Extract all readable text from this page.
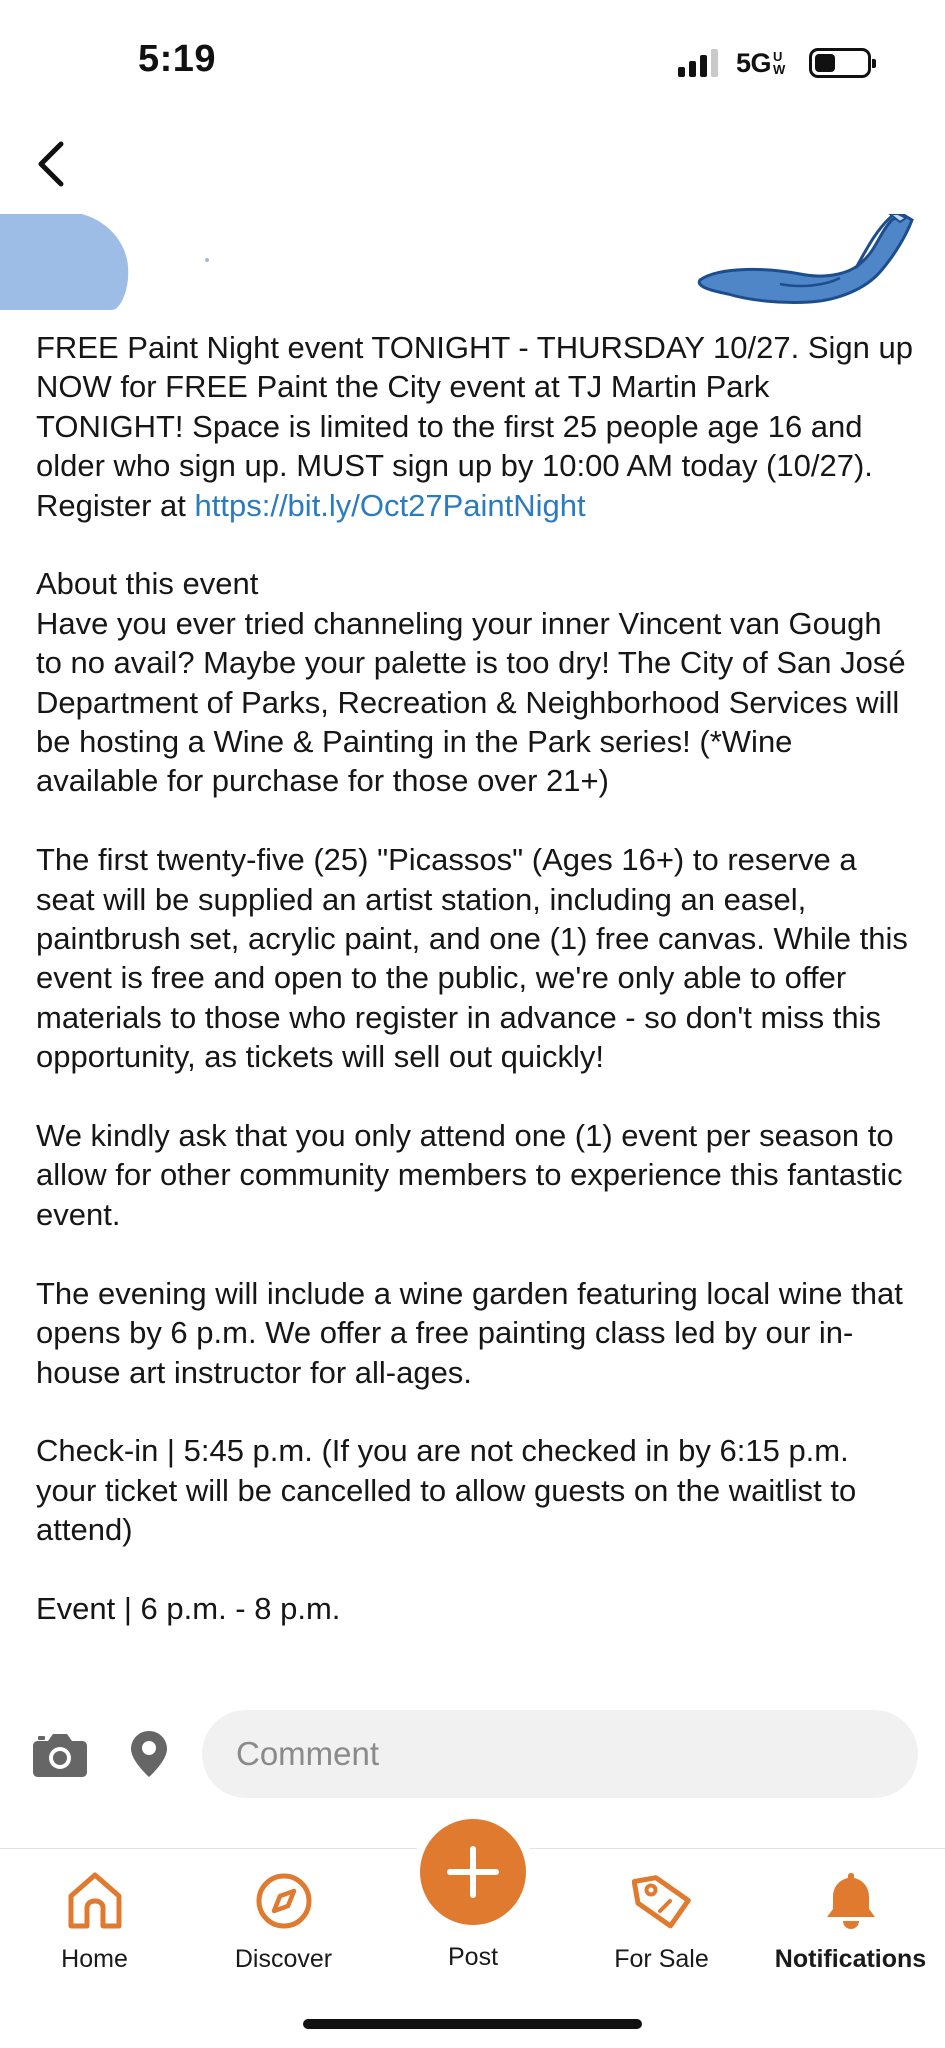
5:19	5G UW

FREE Paint Night event TONIGHT - THURSDAY 10/27. Sign up NOW for FREE Paint the City event at TJ Martin Park TONIGHT! Space is limited to the first 25 people age 16 and older who sign up. MUST sign up by 10:00 AM today (10/27). Register at https://bit.ly/Oct27PaintNight

About this event

Have you ever tried channeling your inner Vincent van Gough to no avail? Maybe your palette is too dry! The City of San José Department of Parks, Recreation & Neighborhood Services will be hosting a Wine & Painting in the Park series! (*Wine available for purchase for those over 21+)

The first twenty-five (25) "Picassos" (Ages 16+) to reserve a seat will be supplied an artist station, including an easel, paintbrush set, acrylic paint, and one (1) free canvas. While this event is free and open to the public, we're only able to offer materials to those who register in advance - so don't miss this opportunity, as tickets will sell out quickly!

We kindly ask that you only attend one (1) event per season to allow for other community members to experience this fantastic event.

The evening will include a wine garden featuring local wine that opens by 6 p.m. We offer a free painting class led by our in-house art instructor for all-ages.

Check-in | 5:45 p.m. (If you are not checked in by 6:15 p.m. your ticket will be cancelled to allow guests on the waitlist to attend)

Event | 6 p.m. - 8 p.m.

Comment
Home	Discover	Post	For Sale	Notifications
